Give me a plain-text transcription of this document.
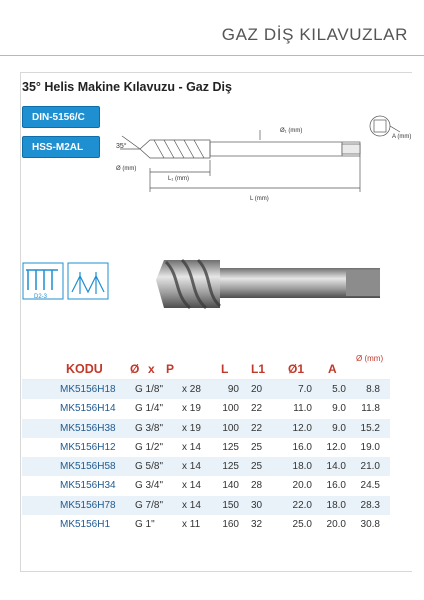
GAZ DİŞ KILAVUZLAR
35° Helis Makine Kılavuzu - Gaz Diş
DIN-5156/C
HSS-M2AL	35°
Ø₁ (mm)
A (mm)
Ø (mm)
L₁ (mm)
L (mm)
D2-3
KODU Ø x P	L L1 Ø1 A
Ø (mm)
MK5156H18 G 1/8" x 28	90 20	7.0	5.0	8.8
MK5156H14 G 1/4" x 19	100 22	11.0	9.0	11.8
MK5156H38 G 3/8" x 19	100 22	12.0	9.0	15.2
MK5156H12 G 1/2" x 14	125 25	16.0	12.0	19.0
MK5156H58 G 5/8" x 14	125 25	18.0	14.0	21.0
MK5156H34 G 3/4" x 14	140 28	20.0	16.0	24.5
MK5156H78 G 7/8" x 14	150 30	22.0	18.0	28.3
MK5156H1 G 1"	x 11	160 32	25.0	20.0	30.8
